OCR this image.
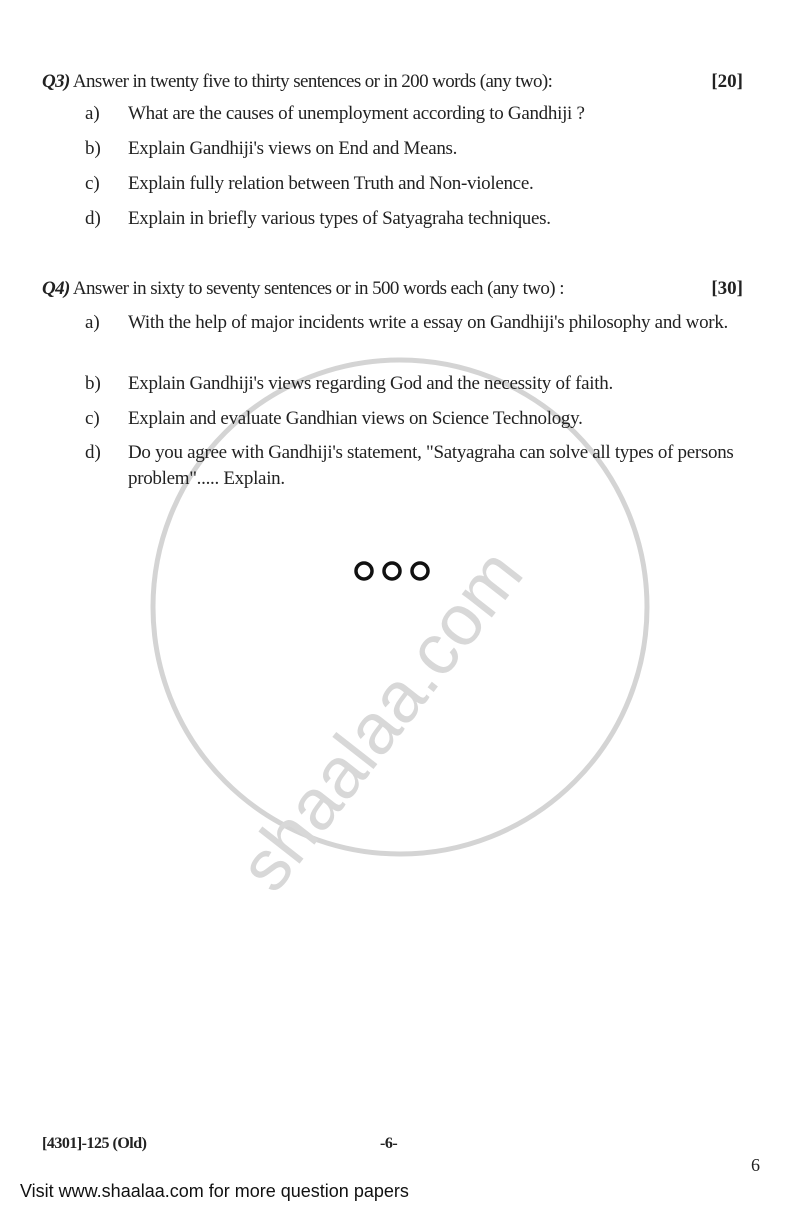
shaalaa.com
Q3) Answer in twenty five to thirty sentences or in 200 words (any two):	[20]
a) What are the causes of unemployment according to Gandhiji ?
b) Explain Gandhiji's views on End and Means.
c) Explain fully relation between Truth and Non-violence.
d) Explain in briefly various types of Satyagraha techniques.
Q4) Answer in sixty to seventy sentences or in 500 words each (any two) :	[30]
a) With the help of major incidents write a essay on Gandhiji's philosophy and work.
b) Explain Gandhiji's views regarding God and the necessity of faith.
c) Explain and evaluate Gandhian views on Science Technology.
d) Do you agree with Gandhiji's statement, "Satyagraha can solve all types of persons problem"..... Explain.
[4301]-125 (Old)	-6-
6
Visit www.shaalaa.com for more question papers
